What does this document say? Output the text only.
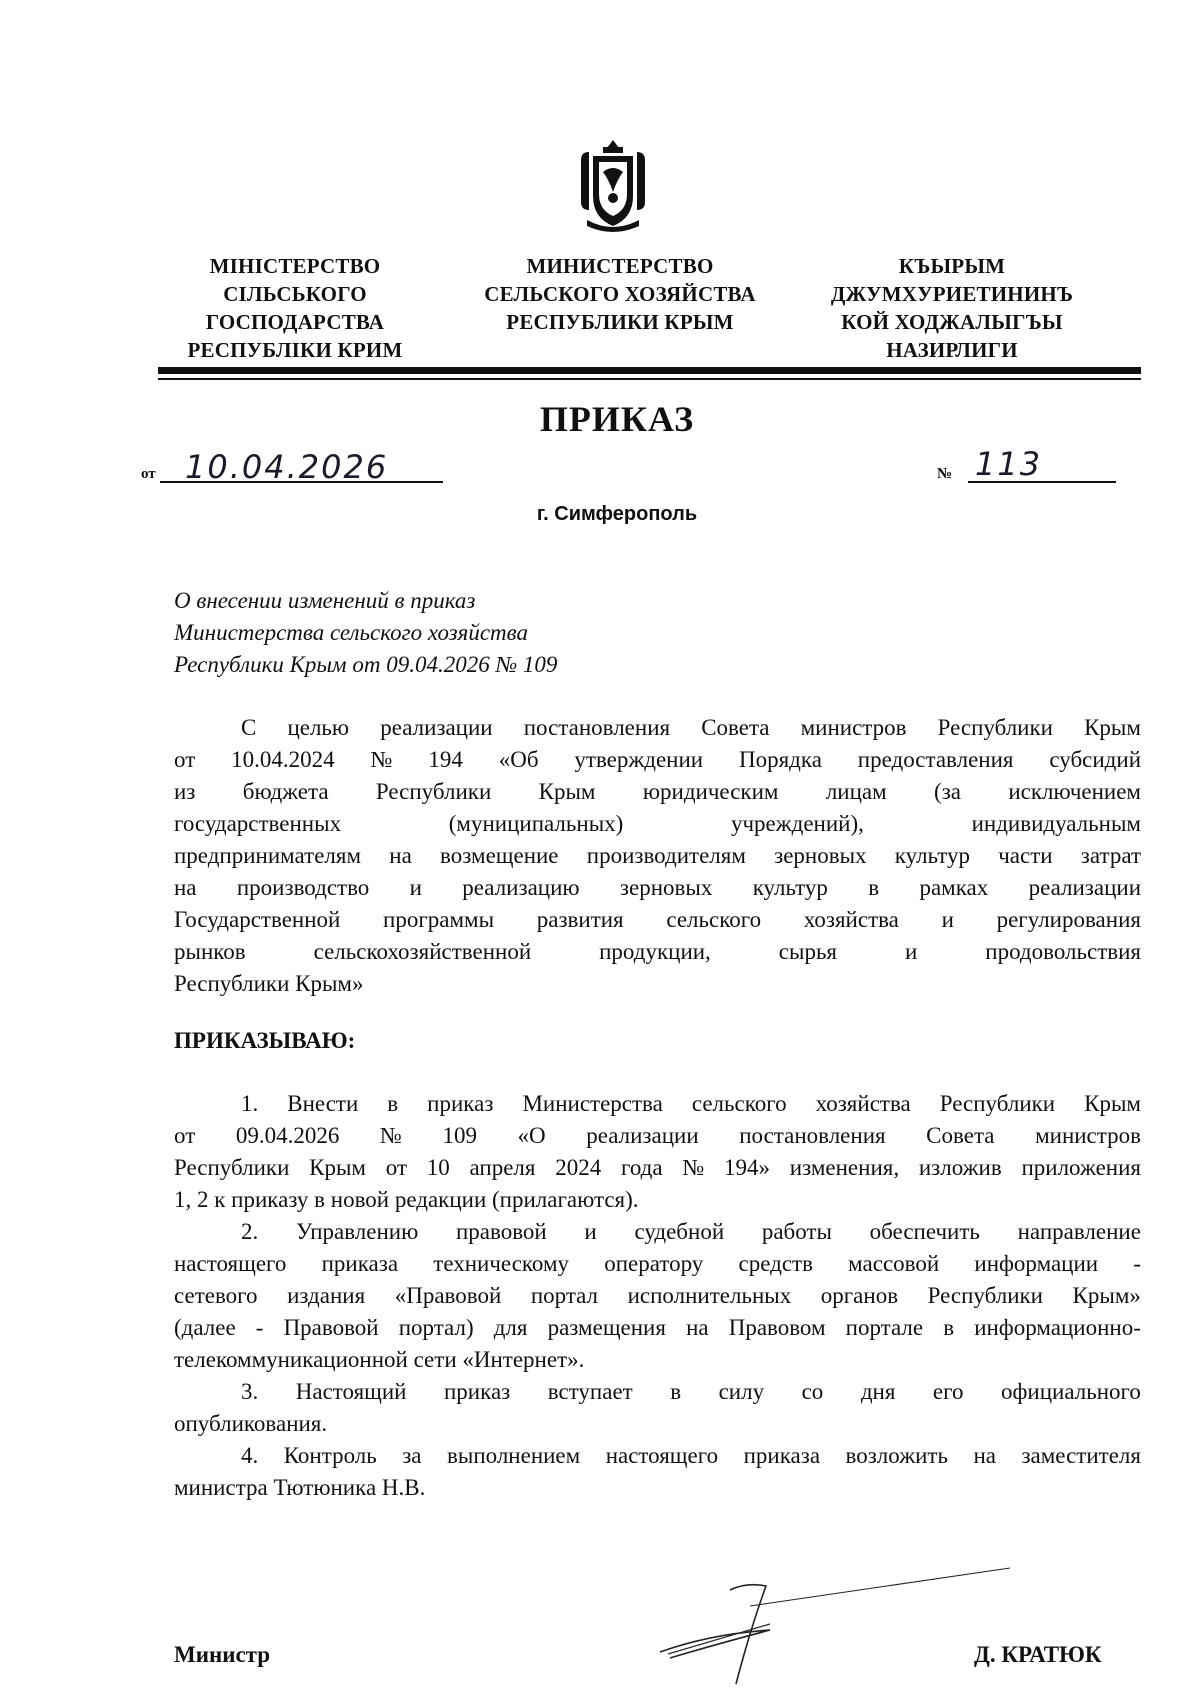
МІНІСТЕРСТВО
СІЛЬСЬКОГО
ГОСПОДАРСТВА
РЕСПУБЛІКИ КРИМ
МИНИСТЕРСТВО
СЕЛЬСКОГО ХОЗЯЙСТВА
РЕСПУБЛИКИ КРЫМ
КЪЫРЫМ
ДЖУМХУРИЕТИНИНЪ
КОЙ ХОДЖАЛЫГЪЫ
НАЗИРЛИГИ
ПРИКАЗ
от 10.04.2026	№ 113
г. Симферополь
О внесении изменений в приказ
Министерства сельского хозяйства
Республики Крым от 09.04.2026 № 109
С целью реализации постановления Совета министров Республики Крым
от 10.04.2024 № 194 «Об утверждении Порядка предоставления субсидий
из бюджета Республики Крым юридическим лицам (за исключением
государственных	(муниципальных)	учреждений),	индивидуальным
предпринимателям на возмещение производителям зерновых культур части затрат
на производство и реализацию зерновых культур в рамках реализации
Государственной программы развития сельского хозяйства и регулирования
рынков	сельскохозяйственной	продукции,	сырья	и	продовольствия
Республики Крым»
ПРИКАЗЫВАЮ:
1. Внести в приказ Министерства сельского хозяйства Республики Крым
от 09.04.2026 № 109 «О реализации постановления Совета министров
Республики Крым от 10 апреля 2024 года № 194» изменения, изложив приложения
1, 2 к приказу в новой редакции (прилагаются).
2. Управлению правовой и судебной работы обеспечить направление
настоящего приказа техническому оператору средств массовой информации -
сетевого издания «Правовой портал исполнительных органов Республики Крым»
(далее - Правовой портал) для размещения на Правовом портале в информационно-
телекоммуникационной сети «Интернет».
3. Настоящий приказ вступает в силу со дня его официального
опубликования.
4. Контроль за выполнением настоящего приказа возложить на заместителя
министра Тютюника Н.В.
Министр	Д. КРАТЮК
